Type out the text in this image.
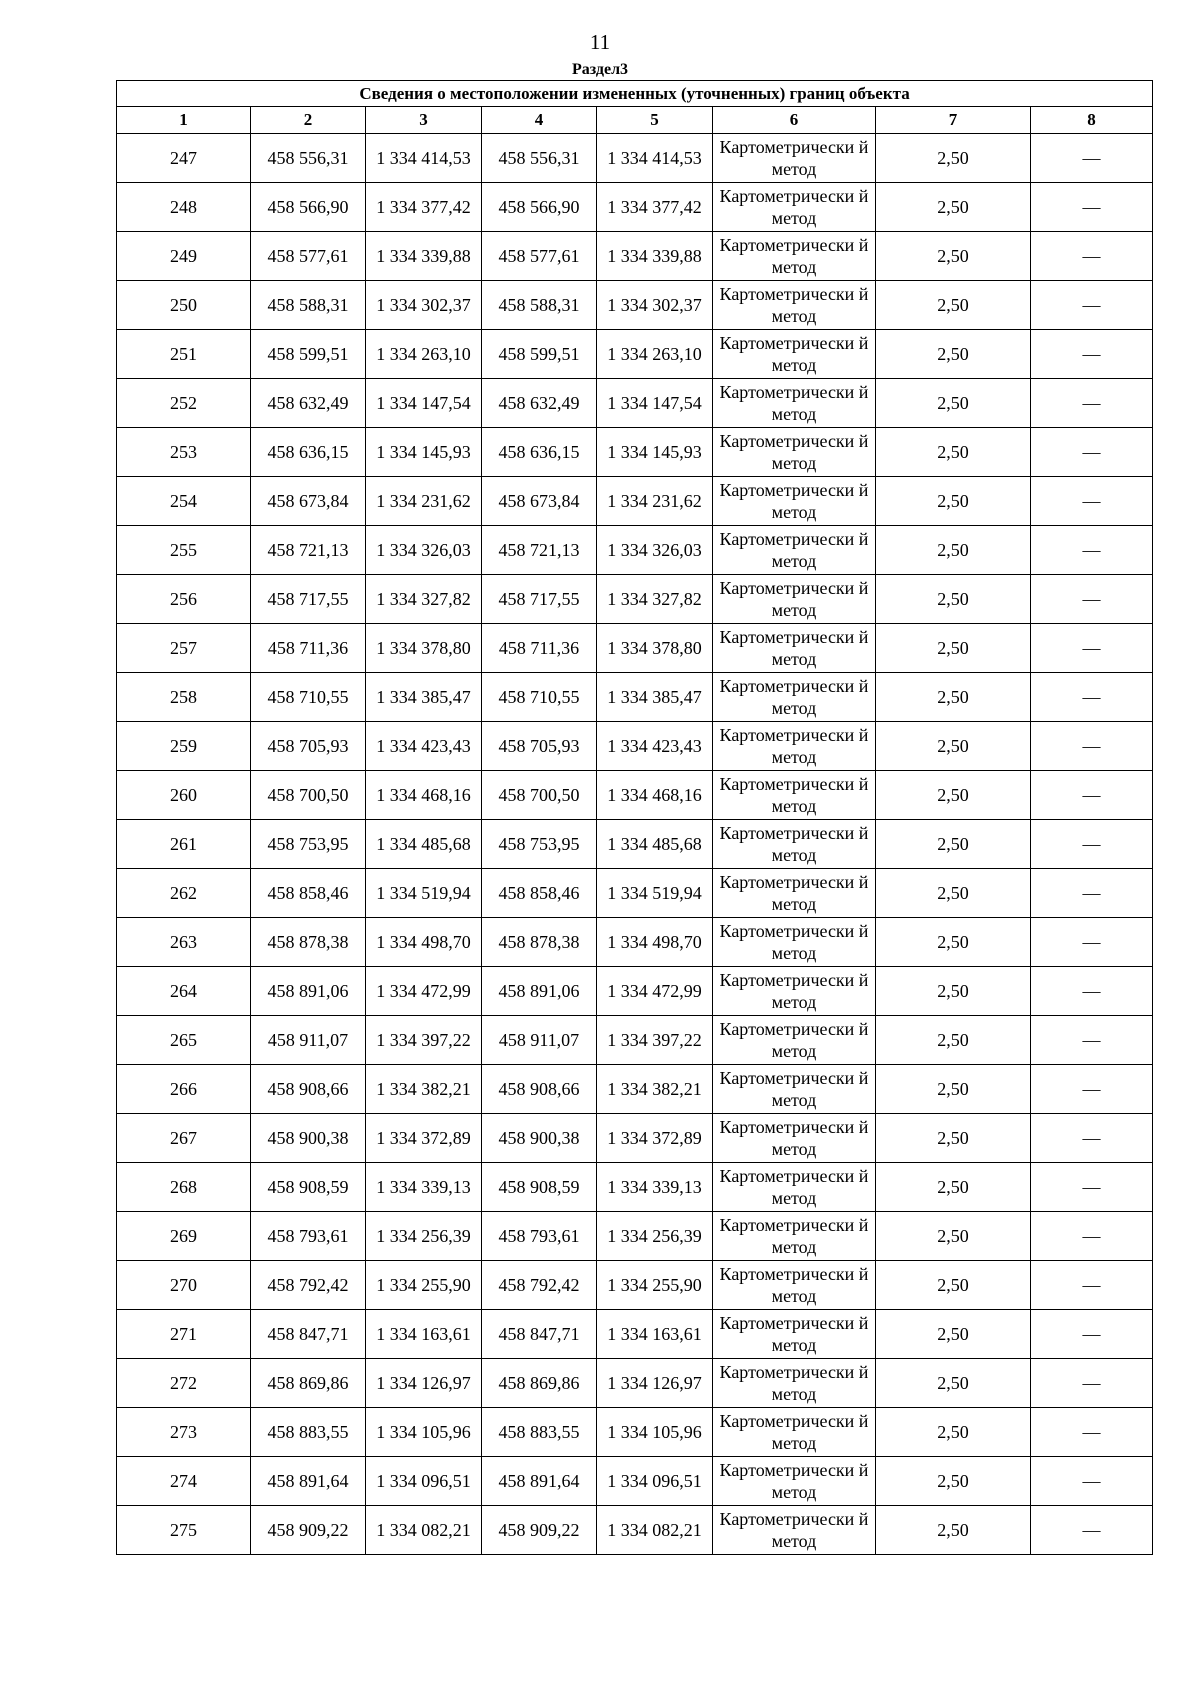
11
Раздел3
Сведения о местоположении измененных (уточненных) границ объекта							
1	2	3	4	5	6	7	8
247	458 556,31	1 334 414,53	458 556,31	1 334 414,53	Картометрически й метод	2,50	—
248	458 566,90	1 334 377,42	458 566,90	1 334 377,42	Картометрически й метод	2,50	—
249	458 577,61	1 334 339,88	458 577,61	1 334 339,88	Картометрически й метод	2,50	—
250	458 588,31	1 334 302,37	458 588,31	1 334 302,37	Картометрически й метод	2,50	—
251	458 599,51	1 334 263,10	458 599,51	1 334 263,10	Картометрически й метод	2,50	—
252	458 632,49	1 334 147,54	458 632,49	1 334 147,54	Картометрически й метод	2,50	—
253	458 636,15	1 334 145,93	458 636,15	1 334 145,93	Картометрически й метод	2,50	—
254	458 673,84	1 334 231,62	458 673,84	1 334 231,62	Картометрически й метод	2,50	—
255	458 721,13	1 334 326,03	458 721,13	1 334 326,03	Картометрически й метод	2,50	—
256	458 717,55	1 334 327,82	458 717,55	1 334 327,82	Картометрически й метод	2,50	—
257	458 711,36	1 334 378,80	458 711,36	1 334 378,80	Картометрически й метод	2,50	—
258	458 710,55	1 334 385,47	458 710,55	1 334 385,47	Картометрически й метод	2,50	—
259	458 705,93	1 334 423,43	458 705,93	1 334 423,43	Картометрически й метод	2,50	—
260	458 700,50	1 334 468,16	458 700,50	1 334 468,16	Картометрически й метод	2,50	—
261	458 753,95	1 334 485,68	458 753,95	1 334 485,68	Картометрически й метод	2,50	—
262	458 858,46	1 334 519,94	458 858,46	1 334 519,94	Картометрически й метод	2,50	—
263	458 878,38	1 334 498,70	458 878,38	1 334 498,70	Картометрически й метод	2,50	—
264	458 891,06	1 334 472,99	458 891,06	1 334 472,99	Картометрически й метод	2,50	—
265	458 911,07	1 334 397,22	458 911,07	1 334 397,22	Картометрически й метод	2,50	—
266	458 908,66	1 334 382,21	458 908,66	1 334 382,21	Картометрически й метод	2,50	—
267	458 900,38	1 334 372,89	458 900,38	1 334 372,89	Картометрически й метод	2,50	—
268	458 908,59	1 334 339,13	458 908,59	1 334 339,13	Картометрически й метод	2,50	—
269	458 793,61	1 334 256,39	458 793,61	1 334 256,39	Картометрически й метод	2,50	—
270	458 792,42	1 334 255,90	458 792,42	1 334 255,90	Картометрически й метод	2,50	—
271	458 847,71	1 334 163,61	458 847,71	1 334 163,61	Картометрически й метод	2,50	—
272	458 869,86	1 334 126,97	458 869,86	1 334 126,97	Картометрически й метод	2,50	—
273	458 883,55	1 334 105,96	458 883,55	1 334 105,96	Картометрически й метод	2,50	—
274	458 891,64	1 334 096,51	458 891,64	1 334 096,51	Картометрически й метод	2,50	—
275	458 909,22	1 334 082,21	458 909,22	1 334 082,21	Картометрически й метод	2,50	—
